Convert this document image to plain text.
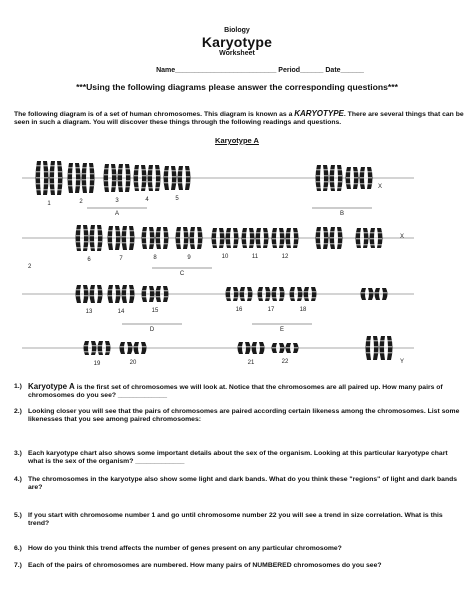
Biology
Karyotype
Worksheet
Name__________________________ Period______ Date______
***Using the following diagrams please answer the corresponding questions***
The following diagram is of a set of human chromosomes. This diagram is known as a KARYOTYPE. There are several things that can be seen in such a diagram. You will discover these things through the following readings and questions.
Karyotype A
1	2	3	4	5
6	7	8	9	10	11	12
13	14	15	16	17	18
19	20	21	22
A	B
C
D	E
X
Y
X
2
1.) Karyotype A is the first set of chromosomes we will look at. Notice that the chromosomes are all paired up. How many pairs of chromosomes do you see? _____________
2.) Looking closer you will see that the pairs of chromosomes are paired according certain likeness among the chromosomes. List some likenesses that you see among paired chromosomes:
3.) Each karyotype chart also shows some important details about the sex of the organism. Looking at this particular karyotype chart what is the sex of the organism? _____________
4.) The chromosomes in the karyotype also show some light and dark bands. What do you think these "regions" of light and dark bands are?
5.) If you start with chromosome number 1 and go until chromosome number 22 you will see a trend in size correlation. What is this trend?
6.) How do you think this trend affects the number of genes present on any particular chromosome?
7.) Each of the pairs of chromosomes are numbered. How many pairs of NUMBERED chromosomes do you see?
